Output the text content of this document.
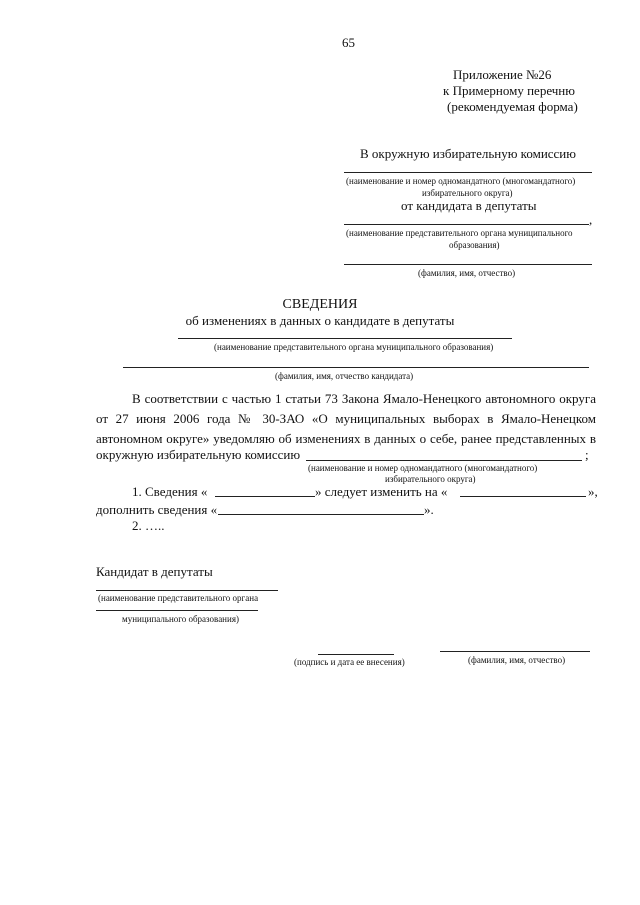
65
Приложение №26
к Примерному перечню
(рекомендуемая форма)
В окружную избирательную комиссию
(наименование и номер одномандатного (многомандатного)
избирательного округа)
от кандидата в депутаты
,
(наименование представительного органа муниципального
образования)
(фамилия, имя, отчество)
СВЕДЕНИЯ
об изменениях в данных о кандидате в депутаты
(наименование представительного органа муниципального образования)
(фамилия, имя, отчество кандидата)
В соответствии с частью 1 статьи 73 Закона Ямало-Ненецкого автономного округа от 27 июня 2006 года № 30-ЗАО «О муниципальных выборах в Ямало-Ненецком автономном округе» уведомляю об изменениях в данных о себе, ранее представленных в
окружную избирательную комиссию	;
(наименование и номер одномандатного (многомандатного)
избирательного округа)
1. Сведения «	» следует изменить на «	»,
дополнить сведения «	».
2. …..
Кандидат в депутаты
(наименование представительного органа
муниципального образования)
(подпись и дата ее внесения)	(фамилия, имя, отчество)
